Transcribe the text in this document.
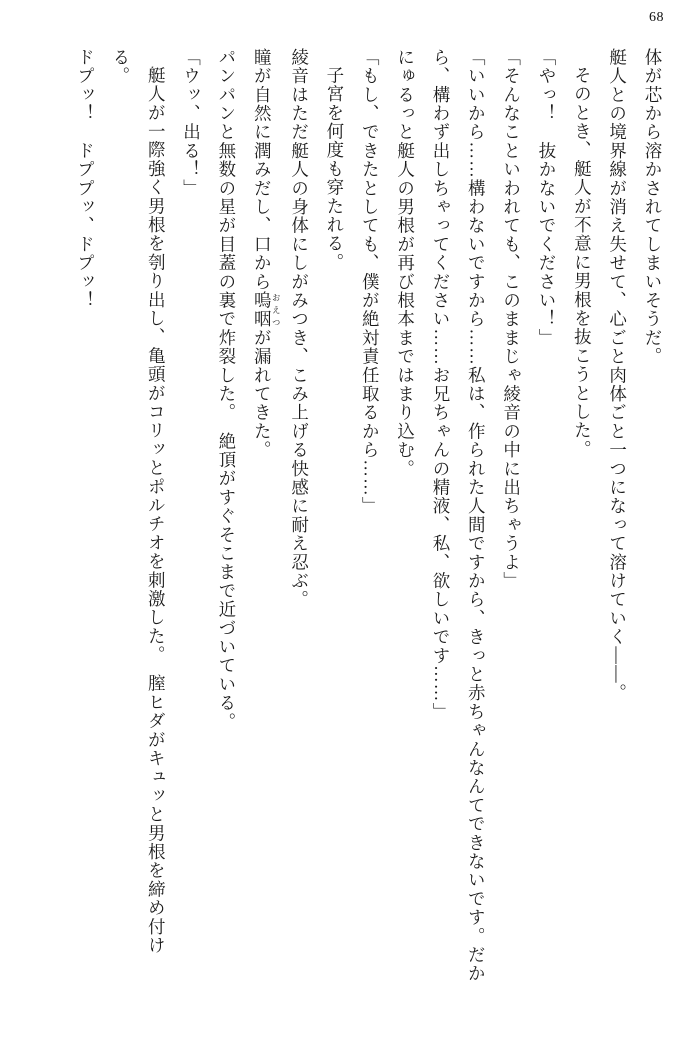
68

体が芯から溶かされてしまいそうだ。

艇人との境界線が消え失せて、心ごと肉体ごと一つになって溶けていく――。

そのとき、艇人が不意に男根を抜こうとした。

「やっ！　抜かないでください！」

「そんなこといわれても、このままじゃ綾音の中に出ちゃうよ」

「いいから……構わないですから……私は、作られた人間ですから、きっと赤ちゃんなんてできないです。だから、構わず出しちゃってください……お兄ちゃんの精液、私、欲しいです……」

にゅるっと艇人の男根が再び根本まではまり込む。

「もし、できたとしても、僕が絶対責任取るから……」

子宮を何度も穿たれる。

綾音はただ艇人の身体にしがみつき、こみ上げる快感に耐え忍ぶ。

瞳が自然に潤みだし、口から嗚咽 おえつが漏れてきた。

パンパンと無数の星が目蓋の裏で炸裂した。　絶頂がすぐそこまで近づいている。

「ウッ、出る！」

艇人が一際強く男根を刳り出し、亀頭がコリッとポルチオを刺激した。　膣ヒダがキュッと男根を締め付ける。

ドプッ！　ドププッ、ドプッ！
